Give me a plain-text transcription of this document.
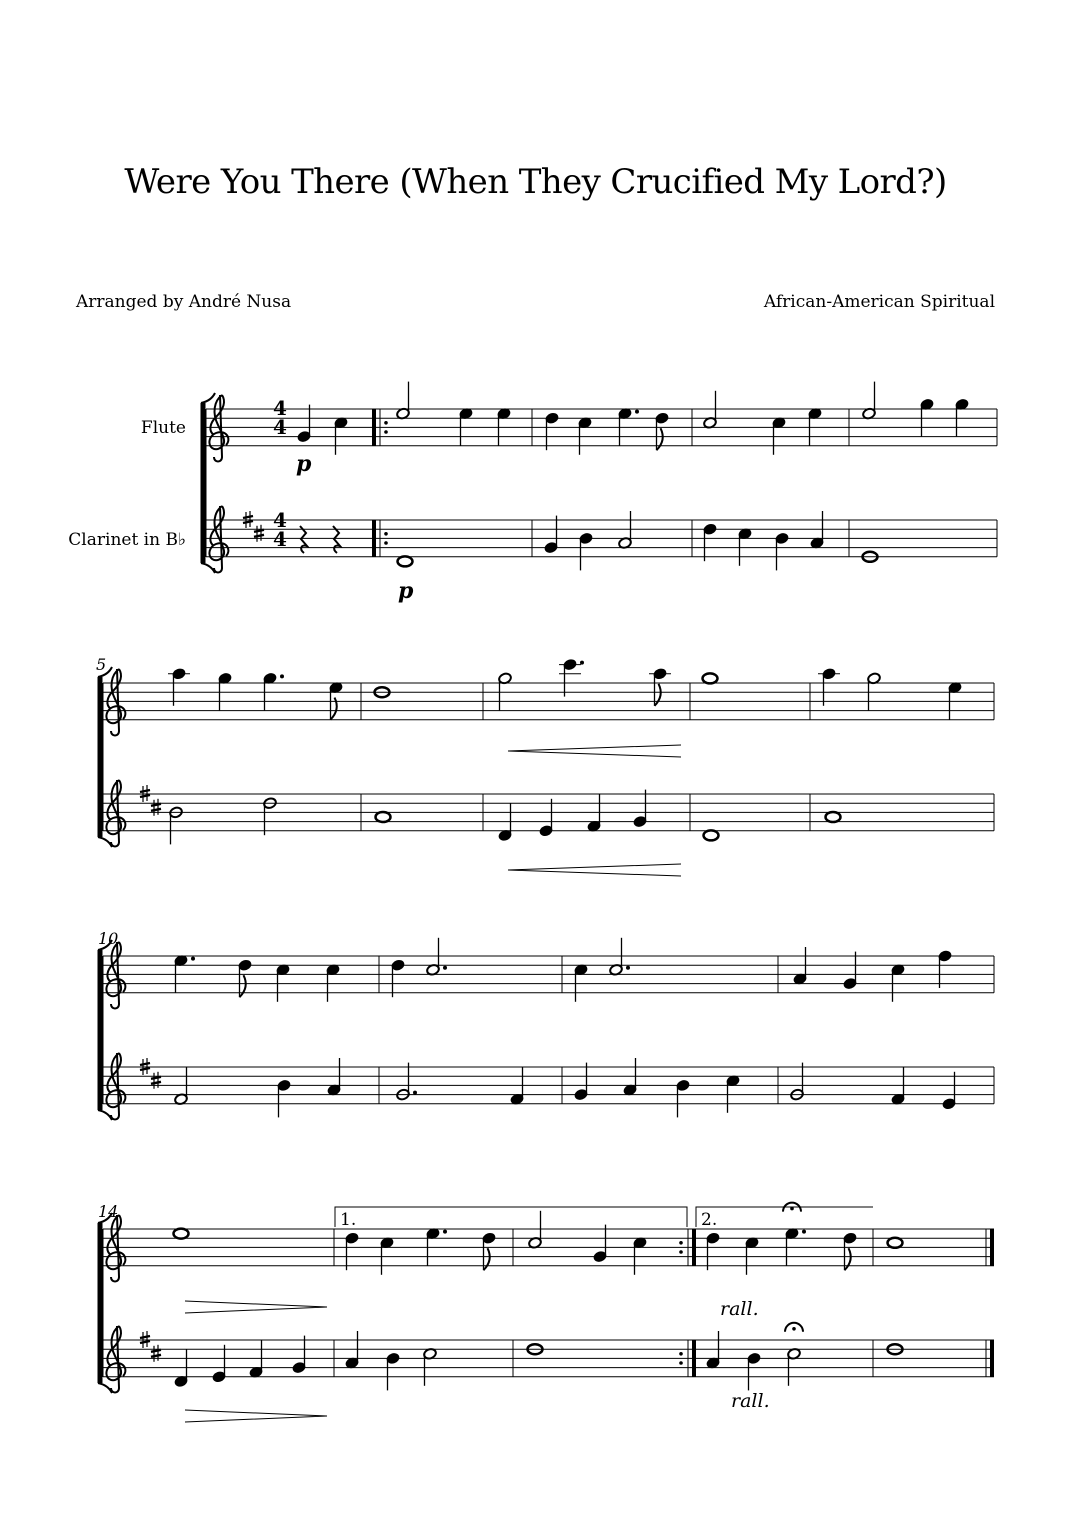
Were You There (When They Crucified My Lord?)
Arranged by André Nusa	African-American Spiritual
Flute
Clarinet in B♭
4
4
4
4
5
10
14
p
p
1.	2.
rall.
rall.
